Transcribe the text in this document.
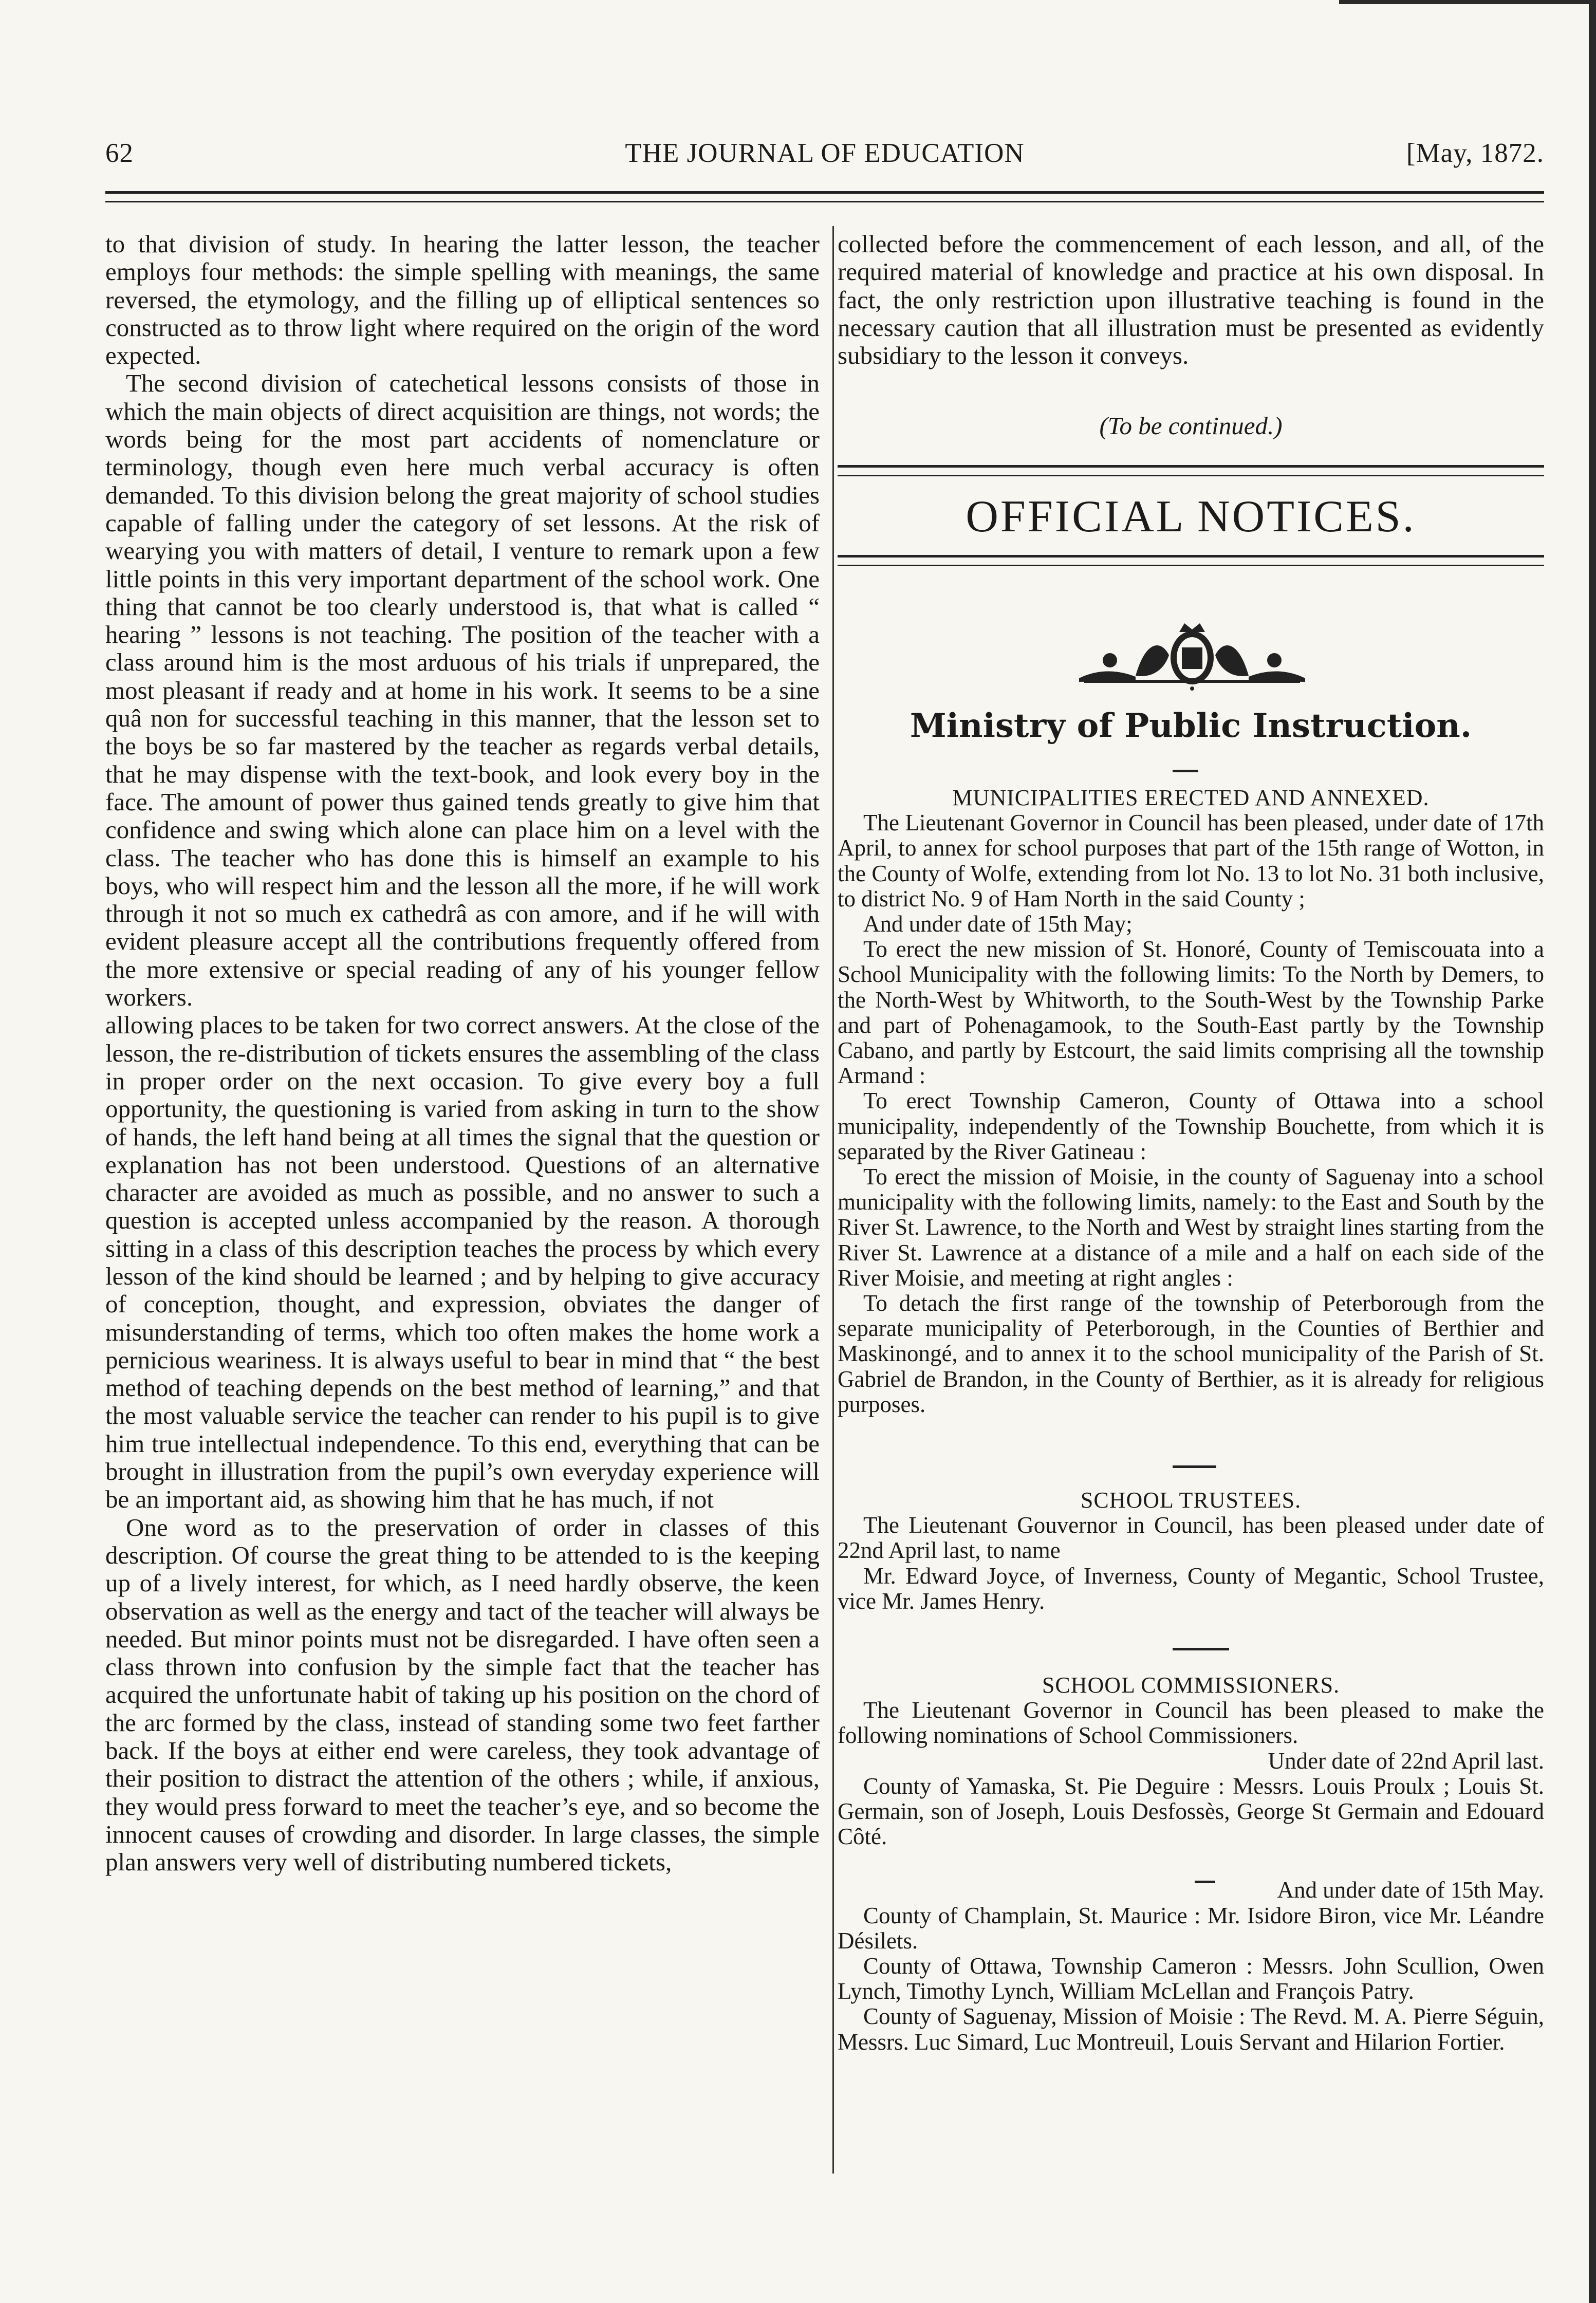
62	THE JOURNAL OF EDUCATION	[May, 1872.

to that division of study. In hearing the latter lesson, the teacher employs four methods: the simple spelling with meanings, the same reversed, the etymology, and the filling up of elliptical sentences so constructed as to throw light where required on the origin of the word expected.

The second division of catechetical lessons consists of those in which the main objects of direct acquisition are things, not words; the words being for the most part accidents of nomenclature or terminology, though even here much verbal accuracy is often demanded. To this division belong the great majority of school studies capable of falling under the category of set lessons. At the risk of wearying you with matters of detail, I venture to remark upon a few little points in this very important department of the school work. One thing that cannot be too clearly understood is, that what is called “ hearing ” lessons is not teaching. The position of the teacher with a class around him is the most arduous of his trials if unprepared, the most pleasant if ready and at home in his work. It seems to be a sine quâ non for successful teaching in this manner, that the lesson set to the boys be so far mastered by the teacher as regards verbal details, that he may dispense with the text-book, and look every boy in the face. The amount of power thus gained tends greatly to give him that confidence and swing which alone can place him on a level with the class. The teacher who has done this is himself an example to his boys, who will respect him and the lesson all the more, if he will work through it not so much ex cathedrâ as con amore, and if he will with evident pleasure accept all the contributions frequently offered from the more extensive or special reading of any of his younger fellow workers.

allowing places to be taken for two correct answers. At the close of the lesson, the re-distribution of tickets ensures the assembling of the class in proper order on the next occasion. To give every boy a full opportunity, the questioning is varied from asking in turn to the show of hands, the left hand being at all times the signal that the question or explanation has not been understood. Questions of an alternative character are avoided as much as possible, and no answer to such a question is accepted unless accompanied by the reason. A thorough sitting in a class of this description teaches the process by which every lesson of the kind should be learned ; and by helping to give accuracy of conception, thought, and expression, obviates the danger of misunderstanding of terms, which too often makes the home work a pernicious weariness. It is always useful to bear in mind that “ the best method of teaching depends on the best method of learning,” and that the most valuable service the teacher can render to his pupil is to give him true intellectual independence. To this end, everything that can be brought in illustration from the pupil’s own everyday experience will be an important aid, as showing him that he has much, if not

One word as to the preservation of order in classes of this description. Of course the great thing to be attended to is the keeping up of a lively interest, for which, as I need hardly observe, the keen observation as well as the energy and tact of the teacher will always be needed. But minor points must not be disregarded. I have often seen a class thrown into confusion by the simple fact that the teacher has acquired the unfortunate habit of taking up his position on the chord of the arc formed by the class, instead of standing some two feet farther back. If the boys at either end were careless, they took advantage of their position to distract the attention of the others ; while, if anxious, they would press forward to meet the teacher’s eye, and so become the innocent causes of crowding and disorder. In large classes, the simple plan answers very well of distributing numbered tickets,

collected before the commencement of each lesson, and all, of the required material of knowledge and practice at his own disposal. In fact, the only restriction upon illustrative teaching is found in the necessary caution that all illustration must be presented as evidently subsidiary to the lesson it conveys.

(To be continued.)
OFFICIAL NOTICES.
Ministry of Public Instruction.
MUNICIPALITIES ERECTED AND ANNEXED.

The Lieutenant Governor in Council has been pleased, under date of 17th April, to annex for school purposes that part of the 15th range of Wotton, in the County of Wolfe, extending from lot No. 13 to lot No. 31 both inclusive, to district No. 9 of Ham North in the said County ;

And under date of 15th May;

To erect the new mission of St. Honoré, County of Temiscouata into a School Municipality with the following limits: To the North by Demers, to the North-West by Whitworth, to the South-West by the Township Parke and part of Pohenagamook, to the South-East partly by the Township Cabano, and partly by Estcourt, the said limits comprising all the township Armand :

To erect Township Cameron, County of Ottawa into a school municipality, independently of the Township Bouchette, from which it is separated by the River Gatineau :

To erect the mission of Moisie, in the county of Saguenay into a school municipality with the following limits, namely: to the East and South by the River St. Lawrence, to the North and West by straight lines starting from the River St. Lawrence at a distance of a mile and a half on each side of the River Moisie, and meeting at right angles :

To detach the first range of the township of Peterborough from the separate municipality of Peterborough, in the Counties of Berthier and Maskinongé, and to annex it to the school municipality of the Parish of St. Gabriel de Brandon, in the County of Berthier, as it is already for religious purposes.

SCHOOL TRUSTEES.

The Lieutenant Gouvernor in Council, has been pleased under date of 22nd April last, to name

Mr. Edward Joyce, of Inverness, County of Megantic, School Trustee, vice Mr. James Henry.

SCHOOL COMMISSIONERS.

The Lieutenant Governor in Council has been pleased to make the following nominations of School Commissioners.

Under date of 22nd April last.

County of Yamaska, St. Pie Deguire : Messrs. Louis Proulx ; Louis St. Germain, son of Joseph, Louis Desfossès, George St Germain and Edouard Côté.

And under date of 15th May.

County of Champlain, St. Maurice : Mr. Isidore Biron, vice Mr. Léandre Désilets.

County of Ottawa, Township Cameron : Messrs. John Scullion, Owen Lynch, Timothy Lynch, William McLellan and François Patry.

County of Saguenay, Mission of Moisie : The Revd. M. A. Pierre Séguin, Messrs. Luc Simard, Luc Montreuil, Louis Servant and Hilarion Fortier.
